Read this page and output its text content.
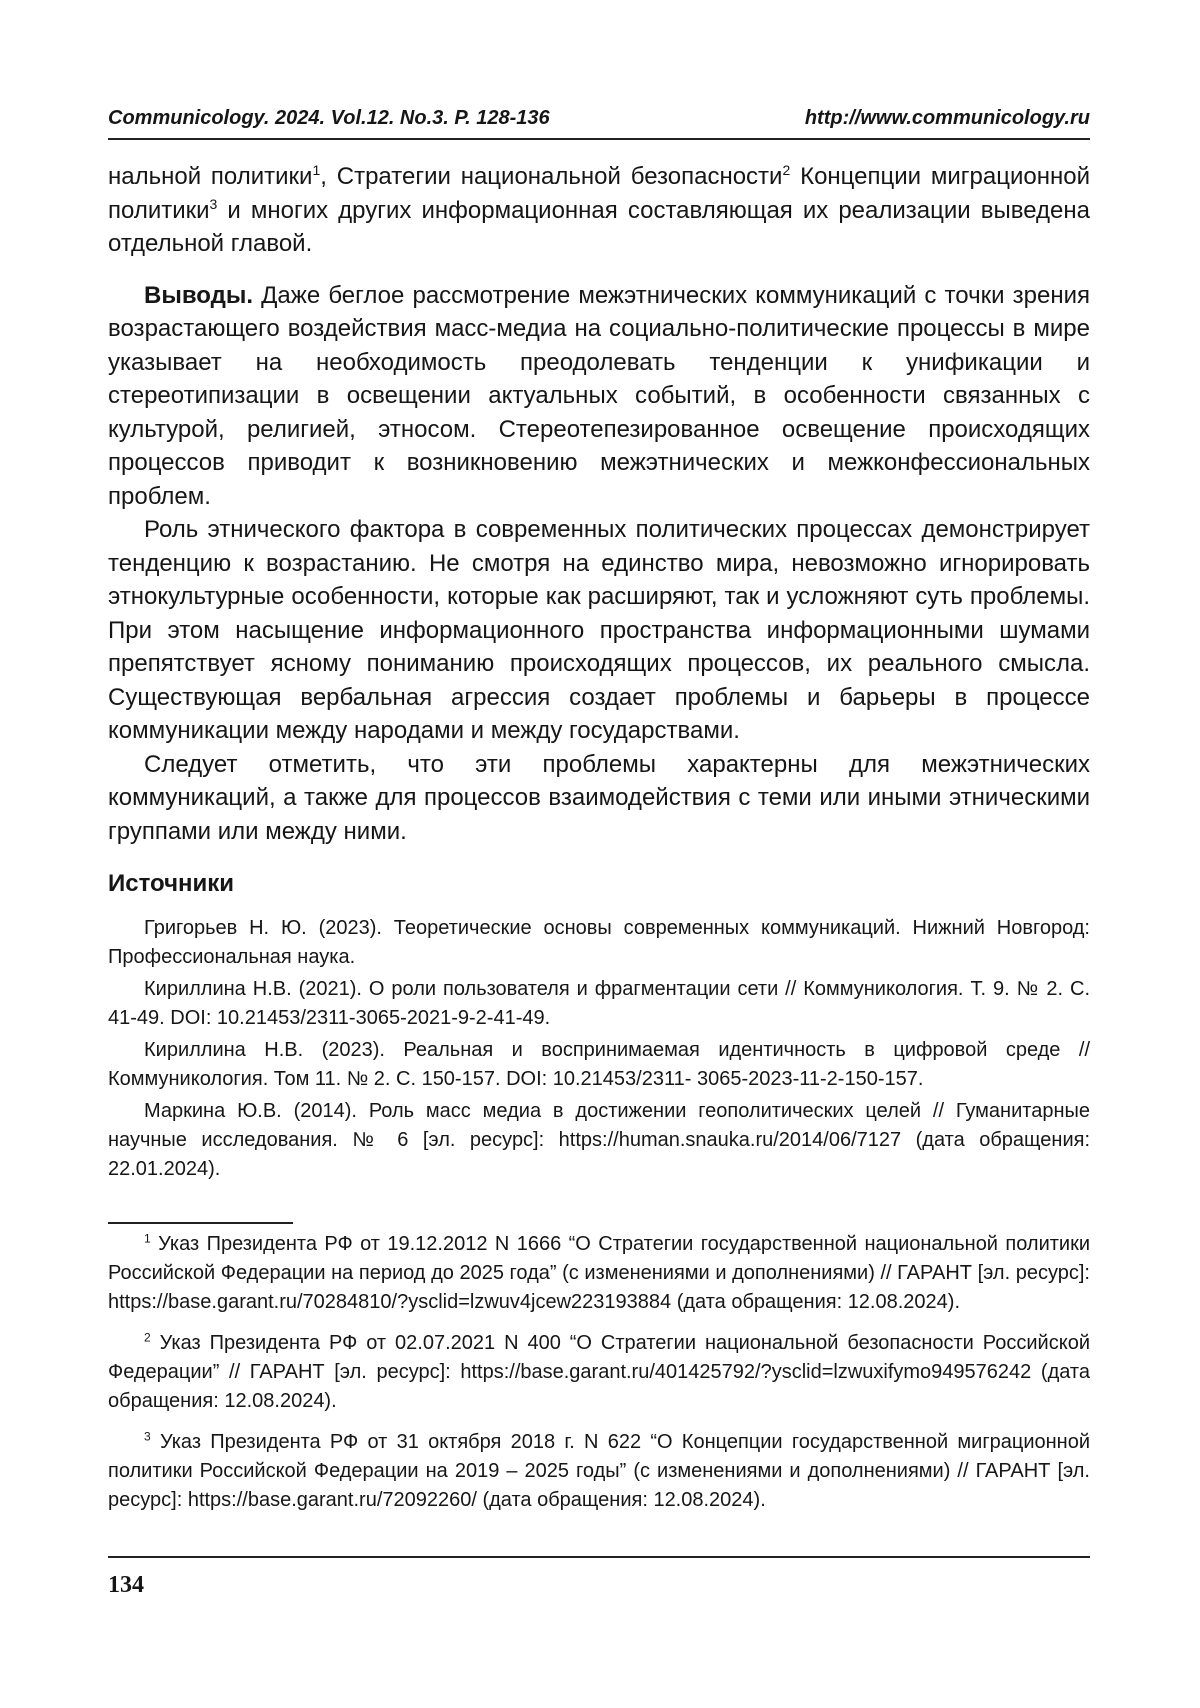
Communicology. 2024. Vol.12. No.3. P. 128-136	http://www.communicology.ru

нальной политики$^1$, Стратегии национальной безопасности$^2$ Концепции миграционной политики$^3$ и многих других информационная составляющая их реализации выведена отдельной главой.

Выводы. Даже беглое рассмотрение межэтнических коммуникаций с точки зрения возрастающего воздействия масс-медиа на социально-политические процессы в мире указывает на необходимость преодолевать тенденции к унификации и стереотипизации в освещении актуальных событий, в особенности связанных с культурой, религией, этносом. Стереотепезированное освещение происходящих процессов приводит к возникновению межэтнических и межконфессиональных проблем.

Роль этнического фактора в современных политических процессах демонстрирует тенденцию к возрастанию. Не смотря на единство мира, невозможно игнорировать этнокультурные особенности, которые как расширяют, так и усложняют суть проблемы. При этом насыщение информационного пространства информационными шумами препятствует ясному пониманию происходящих процессов, их реального смысла. Существующая вербальная агрессия создает проблемы и барьеры в процессе коммуникации между народами и между государствами.

Следует отметить, что эти проблемы характерны для межэтнических коммуникаций, а также для процессов взаимодействия с теми или иными этническими группами или между ними.

Источники

Григорьев Н. Ю. (2023). Теоретические основы современных коммуникаций. Нижний Новгород: Профессиональная наука.

Кириллина Н.В. (2021). О роли пользователя и фрагментации сети // Коммуникология. Т. 9. № 2. С. 41-49. DOI: 10.21453/2311-3065-2021-9-2-41-49.

Кириллина Н.В. (2023). Реальная и воспринимаемая идентичность в цифровой среде // Коммуникология. Том 11. № 2. С. 150-157. DOI: 10.21453/2311- 3065-2023-11-2-150-157.

Маркина Ю.В. (2014). Роль масс медиа в достижении геополитических целей // Гуманитарные научные исследования. № 6 [эл. ресурс]: https://human.snauka.ru/2014/06/7127 (дата обращения: 22.01.2024).

$^1$ Указ Президента РФ от 19.12.2012 N 1666 “О Стратегии государственной национальной политики Российской Федерации на период до 2025 года” (с изменениями и дополнениями) // ГАРАНТ [эл. ресурс]: https://base.garant.ru/70284810/?ysclid=lzwuv4jcew223193884 (дата обращения: 12.08.2024).

$^2$ Указ Президента РФ от 02.07.2021 N 400 “О Стратегии национальной безопасности Российской Федерации” // ГАРАНТ [эл. ресурс]: https://base.garant.ru/401425792/?ysclid=lzwuxifymo949576242 (дата обращения: 12.08.2024).

$^3$ Указ Президента РФ от 31 октября 2018 г. N 622 “О Концепции государственной миграционной политики Российской Федерации на 2019 – 2025 годы” (с изменениями и дополнениями) // ГАРАНТ [эл. ресурс]: https://base.garant.ru/72092260/ (дата обращения: 12.08.2024).

134
